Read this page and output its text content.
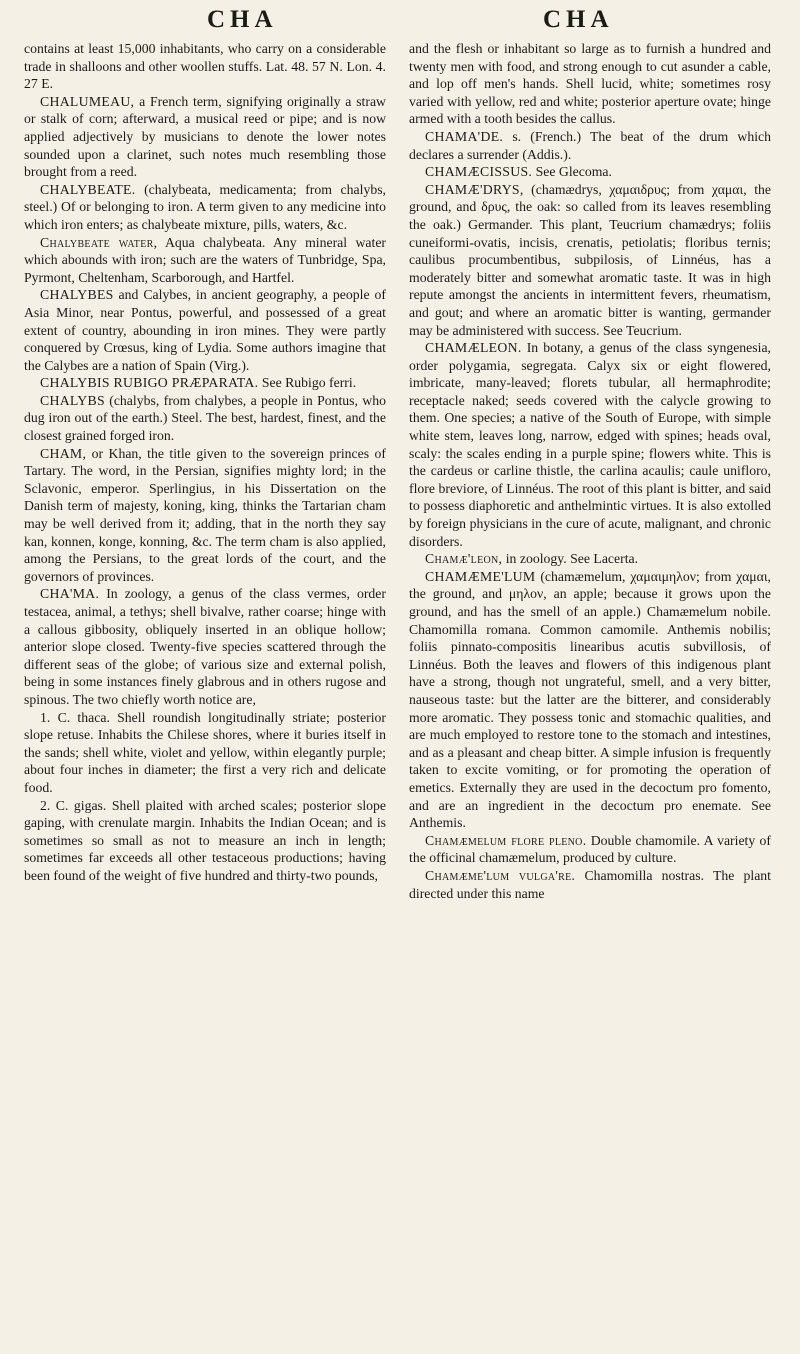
CHA	CHA

contains at least 15,000 inhabitants, who carry on a considerable trade in shalloons and other woollen stuffs. Lat. 48. 57 N. Lon. 4. 27 E.

CHALUMEAU, a French term, signifying originally a straw or stalk of corn; afterward, a musical reed or pipe; and is now applied adjectively by musicians to denote the lower notes sounded upon a clarinet, such notes much resembling those brought from a reed.

CHALYBEATE. (chalybeata, medicamenta; from chalybs, steel.) Of or belonging to iron. A term given to any medicine into which iron enters; as chalybeate mixture, pills, waters, &c.

Chalybeate water, Aqua chalybeata. Any mineral water which abounds with iron; such are the waters of Tunbridge, Spa, Pyrmont, Cheltenham, Scarborough, and Hartfel.

CHALYBES and Calybes, in ancient geography, a people of Asia Minor, near Pontus, powerful, and possessed of a great extent of country, abounding in iron mines. They were partly conquered by Crœsus, king of Lydia. Some authors imagine that the Calybes are a nation of Spain (Virg.).

CHALYBIS RUBIGO PRÆPARATA. See Rubigo ferri.

CHALYBS (chalybs, from chalybes, a people in Pontus, who dug iron out of the earth.) Steel. The best, hardest, finest, and the closest grained forged iron.

CHAM, or Khan, the title given to the sovereign princes of Tartary. The word, in the Persian, signifies mighty lord; in the Sclavonic, emperor. Sperlingius, in his Dissertation on the Danish term of majesty, koning, king, thinks the Tartarian cham may be well derived from it; adding, that in the north they say kan, konnen, konge, konning, &c. The term cham is also applied, among the Persians, to the great lords of the court, and the governors of provinces.

CHA'MA. In zoology, a genus of the class vermes, order testacea, animal, a tethys; shell bivalve, rather coarse; hinge with a callous gibbosity, obliquely inserted in an oblique hollow; anterior slope closed. Twenty-five species scattered through the different seas of the globe; of various size and external polish, being in some instances finely glabrous and in others rugose and spinous. The two chiefly worth notice are,

1. C. thaca. Shell roundish longitudinally striate; posterior slope retuse. Inhabits the Chilese shores, where it buries itself in the sands; shell white, violet and yellow, within elegantly purple; about four inches in diameter; the first a very rich and delicate food.

2. C. gigas. Shell plaited with arched scales; posterior slope gaping, with crenulate margin. Inhabits the Indian Ocean; and is sometimes so small as not to measure an inch in length; sometimes far exceeds all other testaceous productions; having been found of the weight of five hundred and thirty-two pounds,

and the flesh or inhabitant so large as to furnish a hundred and twenty men with food, and strong enough to cut asunder a cable, and lop off men's hands. Shell lucid, white; sometimes rosy varied with yellow, red and white; posterior aperture ovate; hinge armed with a tooth besides the callus.

CHAMA'DE. s. (French.) The beat of the drum which declares a surrender (Addis.).

CHAMÆCISSUS. See Glecoma.

CHAMÆ'DRYS, (chamædrys, χαμαιδρυς; from χαμαι, the ground, and δρυς, the oak: so called from its leaves resembling the oak.) Germander. This plant, Teucrium chamædrys; foliis cuneiformi-ovatis, incisis, crenatis, petiolatis; floribus ternis; caulibus procumbentibus, subpilosis, of Linnéus, has a moderately bitter and somewhat aromatic taste. It was in high repute amongst the ancients in intermittent fevers, rheumatism, and gout; and where an aromatic bitter is wanting, germander may be administered with success. See Teucrium.

CHAMÆLEON. In botany, a genus of the class syngenesia, order polygamia, segregata. Calyx six or eight flowered, imbricate, many-leaved; florets tubular, all hermaphrodite; receptacle naked; seeds covered with the calycle growing to them. One species; a native of the South of Europe, with simple white stem, leaves long, narrow, edged with spines; heads oval, scaly: the scales ending in a purple spine; flowers white. This is the cardeus or carline thistle, the carlina acaulis; caule unifloro, flore breviore, of Linnéus. The root of this plant is bitter, and said to possess diaphoretic and anthelmintic virtues. It is also extolled by foreign physicians in the cure of acute, malignant, and chronic disorders.

Chamæ'leon, in zoology. See Lacerta.

CHAMÆME'LUM (chamæmelum, χαμαιμηλον; from χαμαι, the ground, and μηλον, an apple; because it grows upon the ground, and has the smell of an apple.) Chamæmelum nobile. Chamomilla romana. Common camomile. Anthemis nobilis; foliis pinnato-compositis linearibus acutis subvillosis, of Linnéus. Both the leaves and flowers of this indigenous plant have a strong, though not ungrateful, smell, and a very bitter, nauseous taste: but the latter are the bitterer, and considerably more aromatic. They possess tonic and stomachic qualities, and are much employed to restore tone to the stomach and intestines, and as a pleasant and cheap bitter. A simple infusion is frequently taken to excite vomiting, or for promoting the operation of emetics. Externally they are used in the decoctum pro fomento, and are an ingredient in the decoctum pro enemate. See Anthemis.

Chamæmelum flore pleno. Double chamomile. A variety of the officinal chamæmelum, produced by culture.

Chamæme'lum vulga're. Chamomilla nostras. The plant directed under this name
